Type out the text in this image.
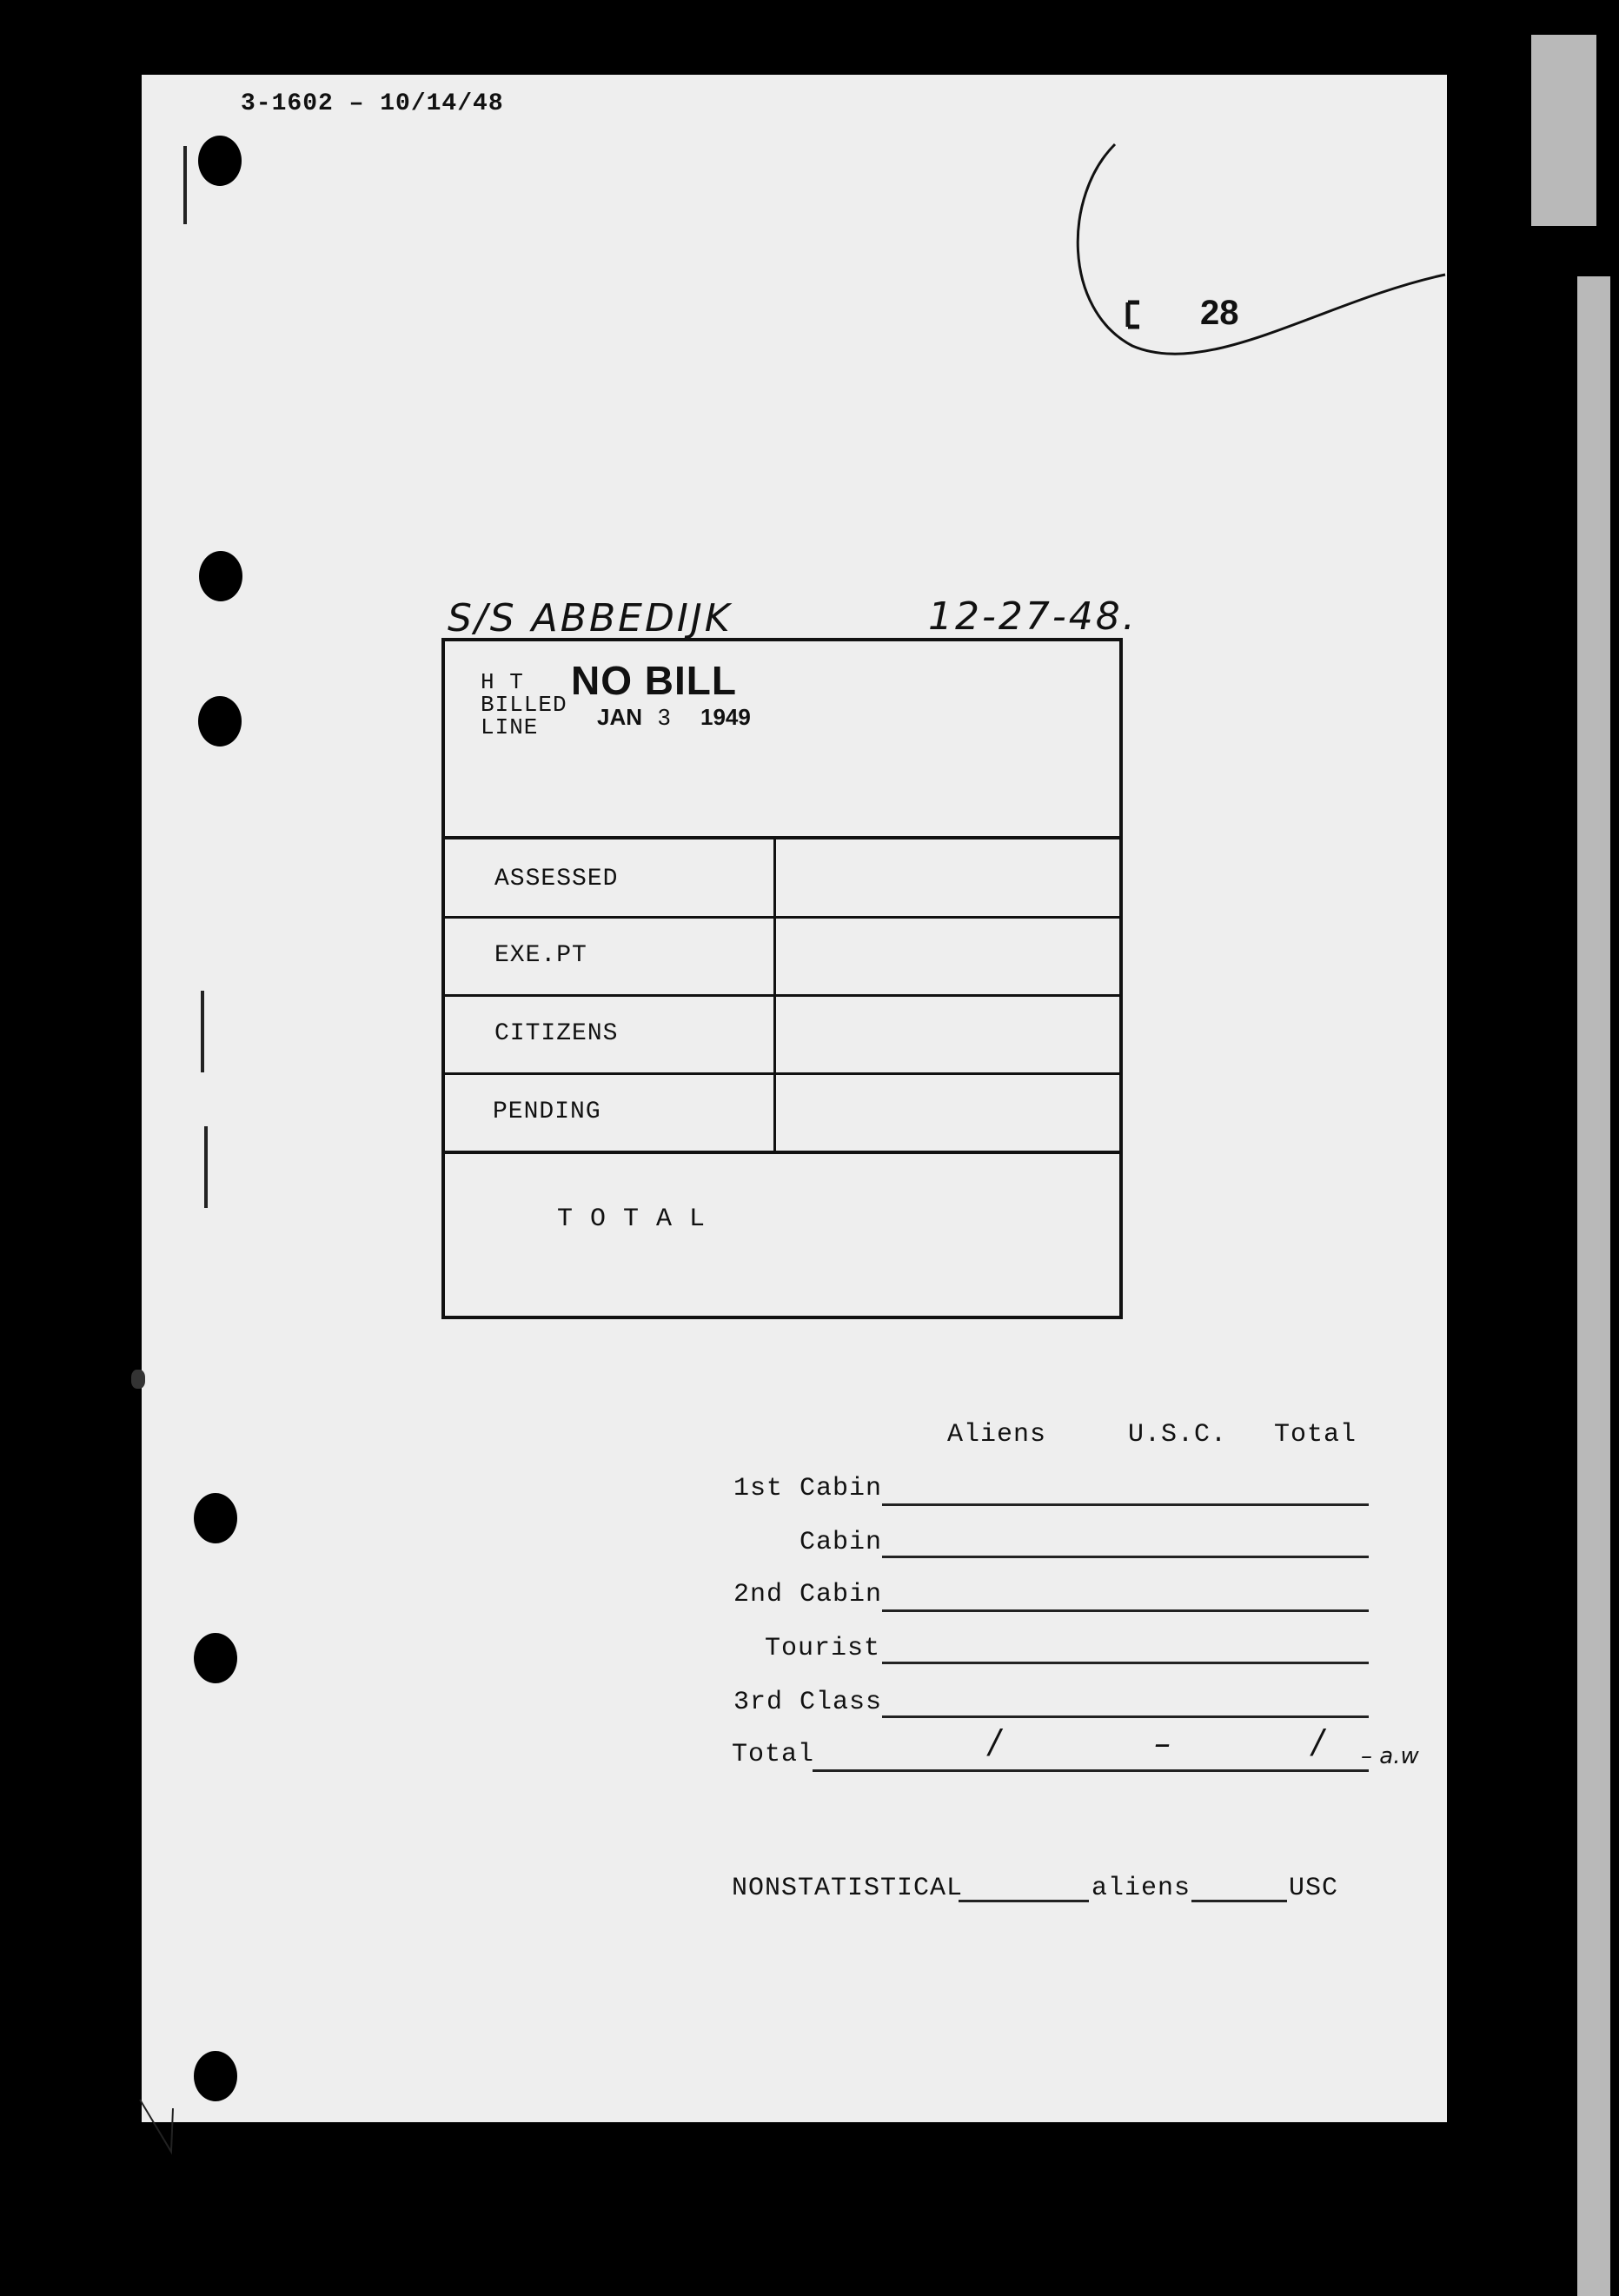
3-1602 – 10/14/48
28
S/S ABBEDIJK	12-27-48.
H T
BILLED
LINE
NO BILL
JAN 3 1949
ASSESSED
EXE.PT
CITIZENS
PENDING
T O T A L
Aliens	U.S.C. Total
1st Cabin
Cabin
2nd Cabin
Tourist
3rd Class
Total	/	–	/ – a.w
NONSTATISTICAL	aliens	USC
